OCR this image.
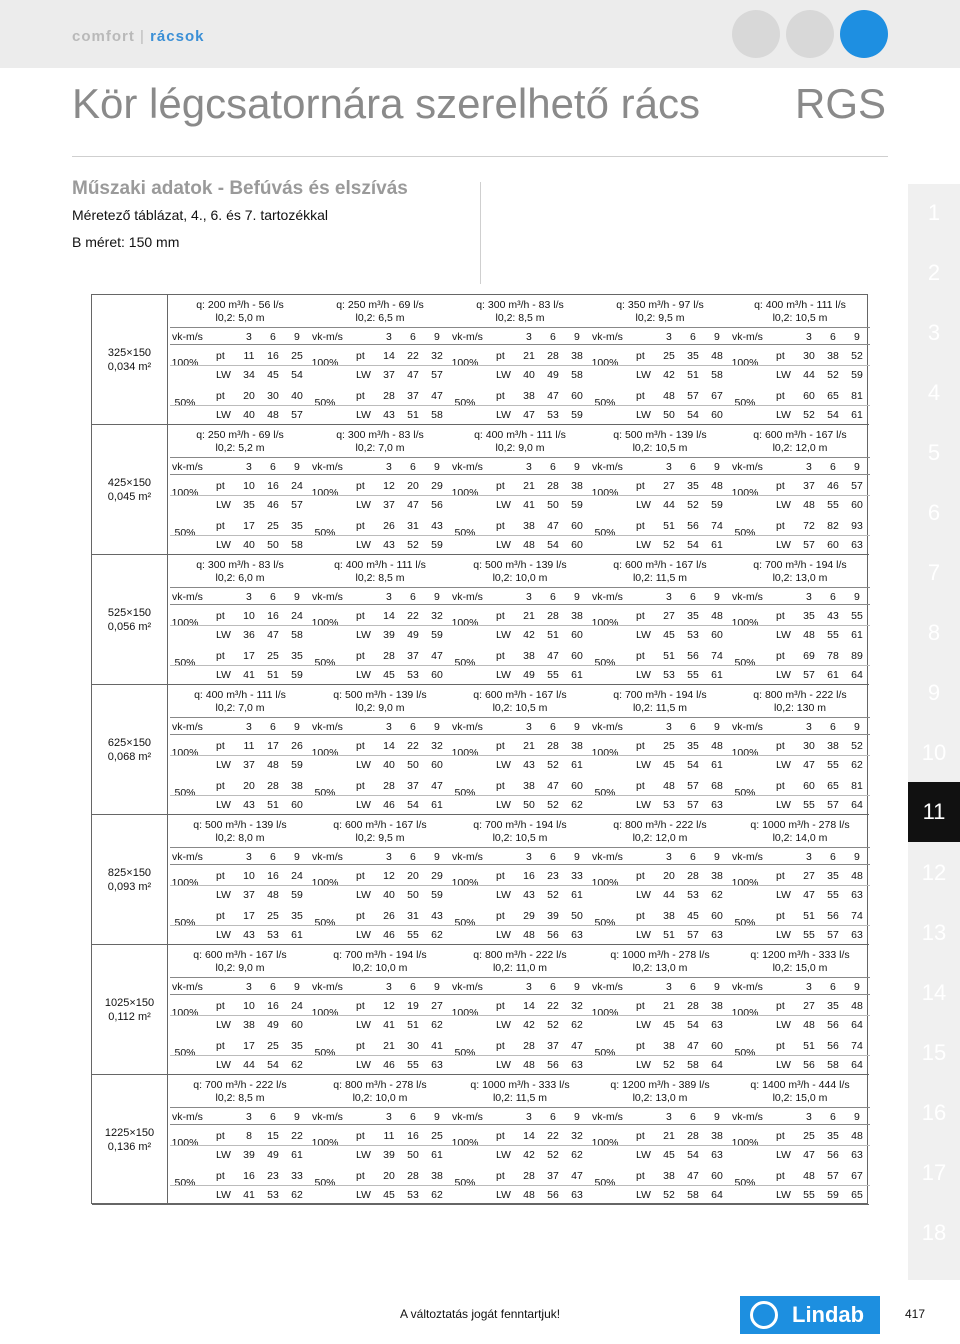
comfort | rácsok
Kör légcsatornára szerelhető rács RGS
Műszaki adatok - Befúvás és elszívás
Méretező táblázat, 4., 6. és 7. tartozékkal
B méret: 150 mm
1
2
3
4
5
6
7
8
9
10
11
12
13
14
15
16
17
18
325×150
0,034 m²
q: 200 m³/h - 56 l/s
l0,2: 5,0 m
vk-m/s	3 6 9
100%
pt	11	16	25
LW	34	45	54
50%
pt	20	30	40
LW	40	48	57
q: 250 m³/h - 69 l/s
l0,2: 6,5 m
vk-m/s	3 6 9
100%
pt	14	22	32
LW	37	47	57
50%
pt	28	37	47
LW	43	51	58
q: 300 m³/h - 83 l/s
l0,2: 8,5 m
vk-m/s	3 6 9
100%
pt	21	28	38
LW	40	49	58
50%
pt	38	47	60
LW	47	53	59
q: 350 m³/h - 97 l/s
l0,2: 9,5 m
vk-m/s	3 6 9
100%
pt	25	35	48
LW	42	51	58
50%
pt	48	57	67
LW	50	54	60
q: 400 m³/h - 111 l/s
l0,2: 10,5 m
vk-m/s	3 6 9
100%
pt	30	38	52
LW	44	52	59
50%
pt	60	65	81
LW	52	54	61
425×150
0,045 m²
q: 250 m³/h - 69 l/s
l0,2: 5,2 m
vk-m/s	3 6 9
100%
pt	10	16	24
LW	35	46	57
50%
pt	17	25	35
LW	40	50	58
q: 300 m³/h - 83 l/s
l0,2: 7,0 m
vk-m/s	3 6 9
100%
pt	12	20	29
LW	37	47	56
50%
pt	26	31	43
LW	43	52	59
q: 400 m³/h - 111 l/s
l0,2: 9,0 m
vk-m/s	3 6 9
100%
pt	21	28	38
LW	41	50	59
50%
pt	38	47	60
LW	48	54	60
q: 500 m³/h - 139 l/s
l0,2: 10,5 m
vk-m/s	3 6 9
100%
pt	27	35	48
LW	44	52	59
50%
pt	51	56	74
LW	52	54	61
q: 600 m³/h - 167 l/s
l0,2: 12,0 m
vk-m/s	3 6 9
100%
pt	37	46	57
LW	48	55	60
50%
pt	72	82	93
LW	57	60	63
525×150
0,056 m²
q: 300 m³/h - 83 l/s
l0,2: 6,0 m
vk-m/s	3 6 9
100%
pt	10	16	24
LW	36	47	58
50%
pt	17	25	35
LW	41	51	59
q: 400 m³/h - 111 l/s
l0,2: 8,5 m
vk-m/s	3 6 9
100%
pt	14	22	32
LW	39	49	59
50%
pt	28	37	47
LW	45	53	60
q: 500 m³/h - 139 l/s
l0,2: 10,0 m
vk-m/s	3 6 9
100%
pt	21	28	38
LW	42	51	60
50%
pt	38	47	60
LW	49	55	61
q: 600 m³/h - 167 l/s
l0,2: 11,5 m
vk-m/s	3 6 9
100%
pt	27	35	48
LW	45	53	60
50%
pt	51	56	74
LW	53	55	61
q: 700 m³/h - 194 l/s
l0,2: 13,0 m
vk-m/s	3 6 9
100%
pt	35	43	55
LW	48	55	61
50%
pt	69	78	89
LW	57	61	64
625×150
0,068 m²
q: 400 m³/h - 111 l/s
l0,2: 7,0 m
vk-m/s	3 6 9
100%
pt	11	17	26
LW	37	48	59
50%
pt	20	28	38
LW	43	51	60
q: 500 m³/h - 139 l/s
l0,2: 9,0 m
vk-m/s	3 6 9
100%
pt	14	22	32
LW	40	50	60
50%
pt	28	37	47
LW	46	54	61
q: 600 m³/h - 167 l/s
l0,2: 10,5 m
vk-m/s	3 6 9
100%
pt	21	28	38
LW	43	52	61
50%
pt	38	47	60
LW	50	52	62
q: 700 m³/h - 194 l/s
l0,2: 11,5 m
vk-m/s	3 6 9
100%
pt	25	35	48
LW	45	54	61
50%
pt	48	57	68
LW	53	57	63
q: 800 m³/h - 222 l/s
l0,2: 130 m
vk-m/s	3 6 9
100%
pt	30	38	52
LW	47	55	62
50%
pt	60	65	81
LW	55	57	64
825×150
0,093 m²
q: 500 m³/h - 139 l/s
l0,2: 8,0 m
vk-m/s	3 6 9
100%
pt	10	16	24
LW	37	48	59
50%
pt	17	25	35
LW	43	53	61
q: 600 m³/h - 167 l/s
l0,2: 9,5 m
vk-m/s	3 6 9
100%
pt	12	20	29
LW	40	50	59
50%
pt	26	31	43
LW	46	55	62
q: 700 m³/h - 194 l/s
l0,2: 10,5 m
vk-m/s	3 6 9
100%
pt	16	23	33
LW	43	52	61
50%
pt	29	39	50
LW	48	56	63
q: 800 m³/h - 222 l/s
l0,2: 12,0 m
vk-m/s	3 6 9
100%
pt	20	28	38
LW	44	53	62
50%
pt	38	45	60
LW	51	57	63
q: 1000 m³/h - 278 l/s
l0,2: 14,0 m
vk-m/s	3 6 9
100%
pt	27	35	48
LW	47	55	63
50%
pt	51	56	74
LW	55	57	63
1025×150
0,112 m²
q: 600 m³/h - 167 l/s
l0,2: 9,0 m
vk-m/s	3 6 9
100%
pt	10	16	24
LW	38	49	60
50%
pt	17	25	35
LW	44	54	62
q: 700 m³/h - 194 l/s
l0,2: 10,0 m
vk-m/s	3 6 9
100%
pt	12	19	27
LW	41	51	62
50%
pt	21	30	41
LW	46	55	63
q: 800 m³/h - 222 l/s
l0,2: 11,0 m
vk-m/s	3 6 9
100%
pt	14	22	32
LW	42	52	62
50%
pt	28	37	47
LW	48	56	63
q: 1000 m³/h - 278 l/s
l0,2: 13,0 m
vk-m/s	3 6 9
100%
pt	21	28	38
LW	45	54	63
50%
pt	38	47	60
LW	52	58	64
q: 1200 m³/h - 333 l/s
l0,2: 15,0 m
vk-m/s	3 6 9
100%
pt	27	35	48
LW	48	56	64
50%
pt	51	56	74
LW	56	58	64
1225×150
0,136 m²
q: 700 m³/h - 222 l/s
l0,2: 8,5 m
vk-m/s	3 6 9
100%
pt	8	15	22
LW	39	49	61
50%
pt	16	23	33
LW	41	53	62
q: 800 m³/h - 278 l/s
l0,2: 10,0 m
vk-m/s	3 6 9
100%
pt	11	16	25
LW	39	50	61
50%
pt	20	28	38
LW	45	53	62
q: 1000 m³/h - 333 l/s
l0,2: 11,5 m
vk-m/s	3 6 9
100%
pt	14	22	32
LW	42	52	62
50%
pt	28	37	47
LW	48	56	63
q: 1200 m³/h - 389 l/s
l0,2: 13,0 m
vk-m/s	3 6 9
100%
pt	21	28	38
LW	45	54	63
50%
pt	38	47	60
LW	52	58	64
q: 1400 m³/h - 444 l/s
l0,2: 15,0 m
vk-m/s	3 6 9
100%
pt	25	35	48
LW	47	56	63
50%
pt	48	57	67
LW	55	59	65
A változtatás jogát fenntartjuk!	Lindab	417
